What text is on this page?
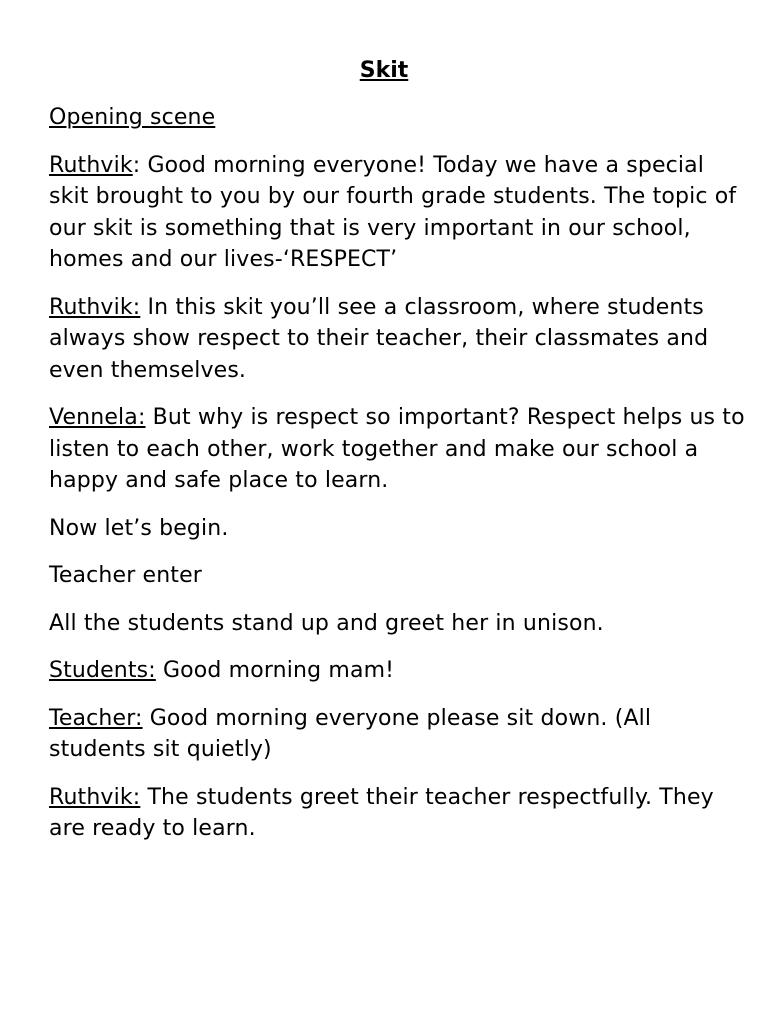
Skit

Opening scene

Ruthvik: Good morning everyone! Today we have a special skit brought to you by our fourth grade students. The topic of our skit is something that is very important in our school, homes and our lives-‘RESPECT’

Ruthvik: In this skit you’ll see a classroom, where students always show respect to their teacher, their classmates and even themselves.

Vennela: But why is respect so important? Respect helps us to listen to each other, work together and make our school a happy and safe place to learn.

Now let’s begin.

Teacher enter

All the students stand up and greet her in unison.

Students: Good morning mam!

Teacher: Good morning everyone please sit down. (All students sit quietly)

Ruthvik: The students greet their teacher respectfully. They are ready to learn.
